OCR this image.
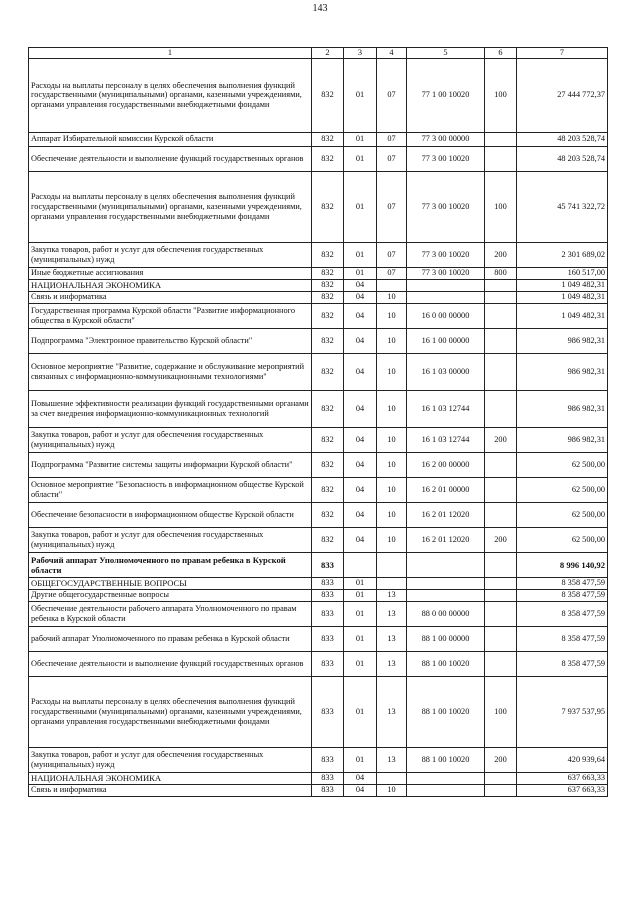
143
1	2	3	4	5	6	7
Расходы на выплаты персоналу в целях обеспечения выполнения функций государственными (муниципальными) органами, казенными учреждениями, органами управления государственными внебюджетными фондами	832	01	07	77 1 00 10020	100	27 444 772,37
Аппарат Избирательной комиссии Курской области	832	01	07	77 3 00 00000		48 203 528,74
Обеспечение деятельности и выполнение функций государственных органов	832	01	07	77 3 00 10020		48 203 528,74
Расходы на выплаты персоналу в целях обеспечения выполнения функций государственными (муниципальными) органами, казенными учреждениями, органами управления государственными внебюджетными фондами	832	01	07	77 3 00 10020	100	45 741 322,72
Закупка товаров, работ и услуг для обеспечения государственных (муниципальных) нужд	832	01	07	77 3 00 10020	200	2 301 689,02
Иные бюджетные ассигнования	832	01	07	77 3 00 10020	800	160 517,00
НАЦИОНАЛЬНАЯ ЭКОНОМИКА	832	04				1 049 482,31
Связь и информатика	832	04	10			1 049 482,31
Государственная программа Курской области "Развитие информационного общества в Курской области"	832	04	10	16 0 00 00000		1 049 482,31
Подпрограмма "Электронное правительство Курской области"	832	04	10	16 1 00 00000		986 982,31
Основное мероприятие "Развитие, содержание и обслуживание мероприятий связанных с информационно-коммуникационными технологиями"	832	04	10	16 1 03 00000		986 982,31
Повышение эффективности реализации функций государственными органами за счет внедрения информационно-коммуникационных технологий	832	04	10	16 1 03 12744		986 982,31
Закупка товаров, работ и услуг для обеспечения государственных (муниципальных) нужд	832	04	10	16 1 03 12744	200	986 982,31
Подпрограмма "Развитие системы защиты информации Курской области"	832	04	10	16 2 00 00000		62 500,00
Основное мероприятие "Безопасность в информационном обществе Курской области"	832	04	10	16 2 01 00000		62 500,00
Обеспечение безопасности в информационном обществе Курской области	832	04	10	16 2 01 12020		62 500,00
Закупка товаров, работ и услуг для обеспечения государственных (муниципальных) нужд	832	04	10	16 2 01 12020	200	62 500,00
Рабочий аппарат Уполномоченного по правам ребенка в Курской области	833					8 996 140,92
ОБЩЕГОСУДАРСТВЕННЫЕ ВОПРОСЫ	833	01				8 358 477,59
Другие общегосударственные вопросы	833	01	13			8 358 477,59
Обеспечение деятельности рабочего аппарата Уполномоченного по правам ребенка в Курской области	833	01	13	88 0 00 00000		8 358 477,59
рабочий аппарат Уполномоченного по правам ребенка в Курской области	833	01	13	88 1 00 00000		8 358 477,59
Обеспечение деятельности и выполнение функций государственных органов	833	01	13	88 1 00 10020		8 358 477,59
Расходы на выплаты персоналу в целях обеспечения выполнения функций государственными (муниципальными) органами, казенными учреждениями, органами управления государственными внебюджетными фондами	833	01	13	88 1 00 10020	100	7 937 537,95
Закупка товаров, работ и услуг для обеспечения государственных (муниципальных) нужд	833	01	13	88 1 00 10020	200	420 939,64
НАЦИОНАЛЬНАЯ ЭКОНОМИКА	833	04				637 663,33
Связь и информатика	833	04	10			637 663,33
